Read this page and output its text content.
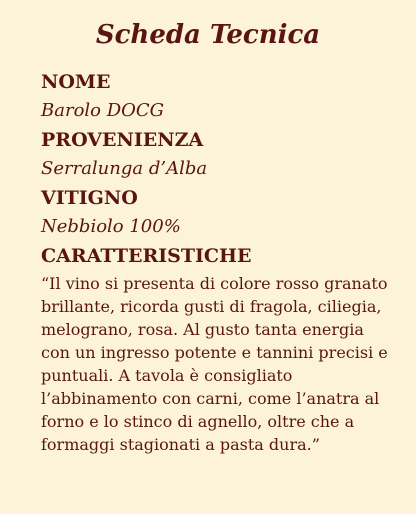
Scheda Tecnica

NOME

Barolo DOCG

PROVENIENZA

Serralunga d’Alba

VITIGNO

Nebbiolo 100%

CARATTERISTICHE

“Il vino si presenta di colore rosso granato brillante, ricorda gusti di fragola, ciliegia, melograno, rosa. Al gusto tanta energia con un ingresso potente e tannini precisi e puntuali. A tavola è consigliato l’abbinamento con carni, come l’anatra al forno e lo stinco di agnello, oltre che a formaggi stagionati a pasta dura.”
